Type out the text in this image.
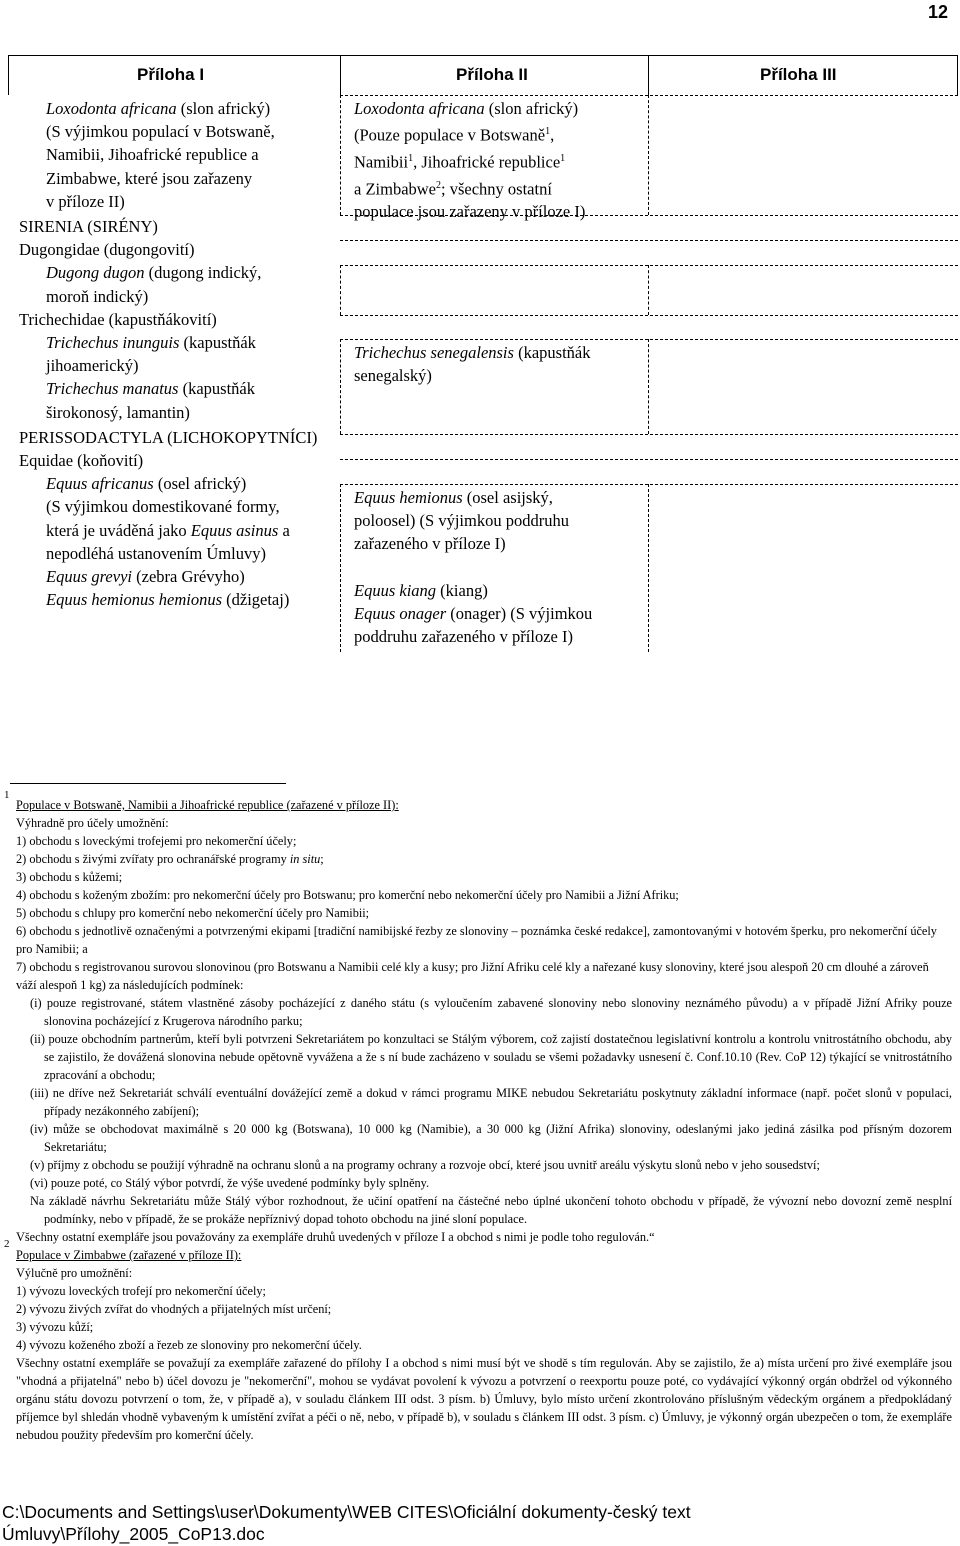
12
Příloha I	Příloha II	Příloha III
Loxodonta africana (slon africký)
(S výjimkou populací v Botswaně,
Namibii, Jihoafrické republice a
Zimbabwe, které jsou zařazeny
v příloze II)
SIRENIA (SIRÉNY)
Dugongidae (dugongovití)
Dugong dugon (dugong indický,
moroň indický)
Trichechidae (kapustňákovití)
Trichechus inunguis (kapustňák
jihoamerický)
Trichechus manatus (kapustňák
širokonosý, lamantin)
PERISSODACTYLA (LICHOKOPYTNÍCI)
Equidae (koňovití)
Equus africanus (osel africký)
(S výjimkou domestikované formy,
která je uváděná jako Equus asinus a
nepodléhá ustanovením Úmluvy)
Equus grevyi (zebra Grévyho)
Equus hemionus hemionus (džigetaj)
Loxodonta africana (slon africký)
(Pouze populace v Botswaně$^1$,
Namibii$^1$, Jihoafrické republice$^1$
a Zimbabwe$^2$; všechny ostatní
populace jsou zařazeny v příloze I)
Trichechus senegalensis (kapustňák
senegalský)
Equus hemionus (osel asijský,
poloosel) (S výjimkou poddruhu
zařazeného v příloze I)
Equus kiang (kiang)
Equus onager (onager) (S výjimkou
poddruhu zařazeného v příloze I)
1

Populace v Botswaně, Namibii a Jihoafrické republice (zařazené v příloze II):

Výhradně pro účely umožnění:

1) obchodu s loveckými trofejemi pro nekomerční účely;

2) obchodu s živými zvířaty pro ochranářské programy in situ;

3) obchodu s kůžemi;

4) obchodu s koženým zbožím: pro nekomerční účely pro Botswanu; pro komerční nebo nekomerční účely pro Namibii a Jižní Afriku;

5) obchodu s chlupy pro komerční nebo nekomerční účely pro Namibii;

6) obchodu s jednotlivě označenými a potvrzenými ekipami [tradiční namibijské řezby ze slonoviny – poznámka české redakce], zamontovanými v hotovém šperku, pro nekomerční účely pro Namibii; a

7) obchodu s registrovanou surovou slonovinou (pro Botswanu a Namibii celé kly a kusy; pro Jižní Afriku celé kly a nařezané kusy slonoviny, které jsou alespoň 20 cm dlouhé a zároveň váží alespoň 1 kg) za následujících podmínek:

(i) pouze registrované, státem vlastněné zásoby pocházející z daného státu (s vyloučením zabavené slonoviny nebo slonoviny neznámého původu) a v případě Jižní Afriky pouze slonovina pocházející z Krugerova národního parku;

(ii) pouze obchodním partnerům, kteří byli potvrzeni Sekretariátem po konzultaci se Stálým výborem, což zajistí dostatečnou legislativní kontrolu a kontrolu vnitrostátního obchodu, aby se zajistilo, že dovážená slonovina nebude opětovně vyvážena a že s ní bude zacházeno v souladu se všemi požadavky usnesení č. Conf.10.10 (Rev. CoP 12) týkající se vnitrostátního zpracování a obchodu;

(iii) ne dříve než Sekretariát schválí eventuální dovážející země a dokud v rámci programu MIKE nebudou Sekretariátu poskytnuty základní informace (např. počet slonů v populaci, případy nezákonného zabíjení);

(iv) může se obchodovat maximálně s 20 000 kg (Botswana), 10 000 kg (Namibie), a 30 000 kg (Jižní Afrika) slonoviny, odeslanými jako jediná zásilka pod přísným dozorem Sekretariátu;

(v) příjmy z obchodu se použijí výhradně na ochranu slonů a na programy ochrany a rozvoje obcí, které jsou uvnitř areálu výskytu slonů nebo v jeho sousedství;

(vi) pouze poté, co Stálý výbor potvrdí, že výše uvedené podmínky byly splněny.

Na základě návrhu Sekretariátu může Stálý výbor rozhodnout, že učiní opatření na částečné nebo úplné ukončení tohoto obchodu v případě, že vývozní nebo dovozní země nesplní podmínky, nebo v případě, že se prokáže nepříznivý dopad tohoto obchodu na jiné sloní populace.

Všechny ostatní exempláře jsou považovány za exempláře druhů uvedených v příloze I a obchod s nimi je podle toho regulován.“

2

Populace v Zimbabwe (zařazené v příloze II):

Výlučně pro umožnění:

1) vývozu loveckých trofejí pro nekomerční účely;

2) vývozu živých zvířat do vhodných a přijatelných míst určení;

3) vývozu kůží;

4) vývozu koženého zboží a řezeb ze slonoviny pro nekomerční účely.

Všechny ostatní exempláře se považují za exempláře zařazené do přílohy I a obchod s nimi musí být ve shodě s tím regulován. Aby se zajistilo, že a) místa určení pro živé exempláře jsou "vhodná a přijatelná" nebo b) účel dovozu je "nekomerční", mohou se vydávat povolení k vývozu a potvrzení o reexportu pouze poté, co vydávající výkonný orgán obdržel od výkonného orgánu státu dovozu potvrzení o tom, že, v případě a), v souladu článkem III odst. 3 písm. b) Úmluvy, bylo místo určení zkontrolováno příslušným vědeckým orgánem a předpokládaný příjemce byl shledán vhodně vybaveným k umístění zvířat a péči o ně, nebo, v případě b), v souladu s článkem III odst. 3 písm. c) Úmluvy, je výkonný orgán ubezpečen o tom, že exempláře nebudou použity především pro komerční účely.

C:\Documents and Settings\user\Dokumenty\WEB CITES\Oficiální dokumenty-český text
Úmluvy\Přílohy_2005_CoP13.doc
